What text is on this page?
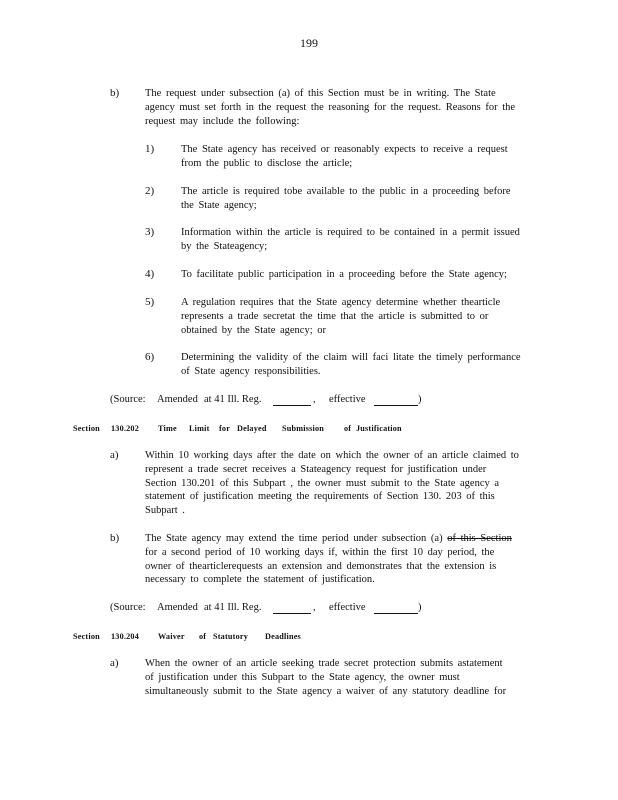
199
b) The request under subsection (a) of this Section must be in writing. The State
agency must set forth in the request the reasoning for the request. Reasons for the
request may include the following:
1)	The State agency has received or reasonably expects to receive a request
from the public to disclose the article;
2)	The article is required tobe available to the public in a proceeding before
the State agency;
3)	Information within the article is required to be contained in a permit issued
by the Stateagency;
4)	To facilitate public participation in a proceeding before the State agency;
5)	A regulation requires that the State agency determine whether thearticle
represents a trade secretat the time that the article is submitted to or
obtained by the State agency; or
6)	Determining the validity of the claim will faci litate the timely performance
of State agency responsibilities.
(Source: Amended at 41 Ill. Reg.	, effective	)
Section 130.202 Time Limit for Delayed Submission of Justification
a)	Within 10 working days after the date on which the owner of an article claimed to
represent a trade secret receives a Stateagency request for justification under
Section 130.201 of this Subpart , the owner must submit to the State agency a
statement of justification meeting the requirements of Section 130. 203 of this
Subpart .
b) The State agency may extend the time period under subsection (a) of this Section
for a second period of 10 working days if, within the first 10 day period, the
owner of thearticlerequests an extension and demonstrates that the extension is
necessary to complete the statement of justification.
(Source: Amended at 41 Ill. Reg.	, effective	)
Section 130.204 Waiver of Statutory Deadlines
a)	When the owner of an article seeking trade secret protection submits astatement
of justification under this Subpart to the State agency, the owner must
simultaneously submit to the State agency a waiver of any statutory deadline for
